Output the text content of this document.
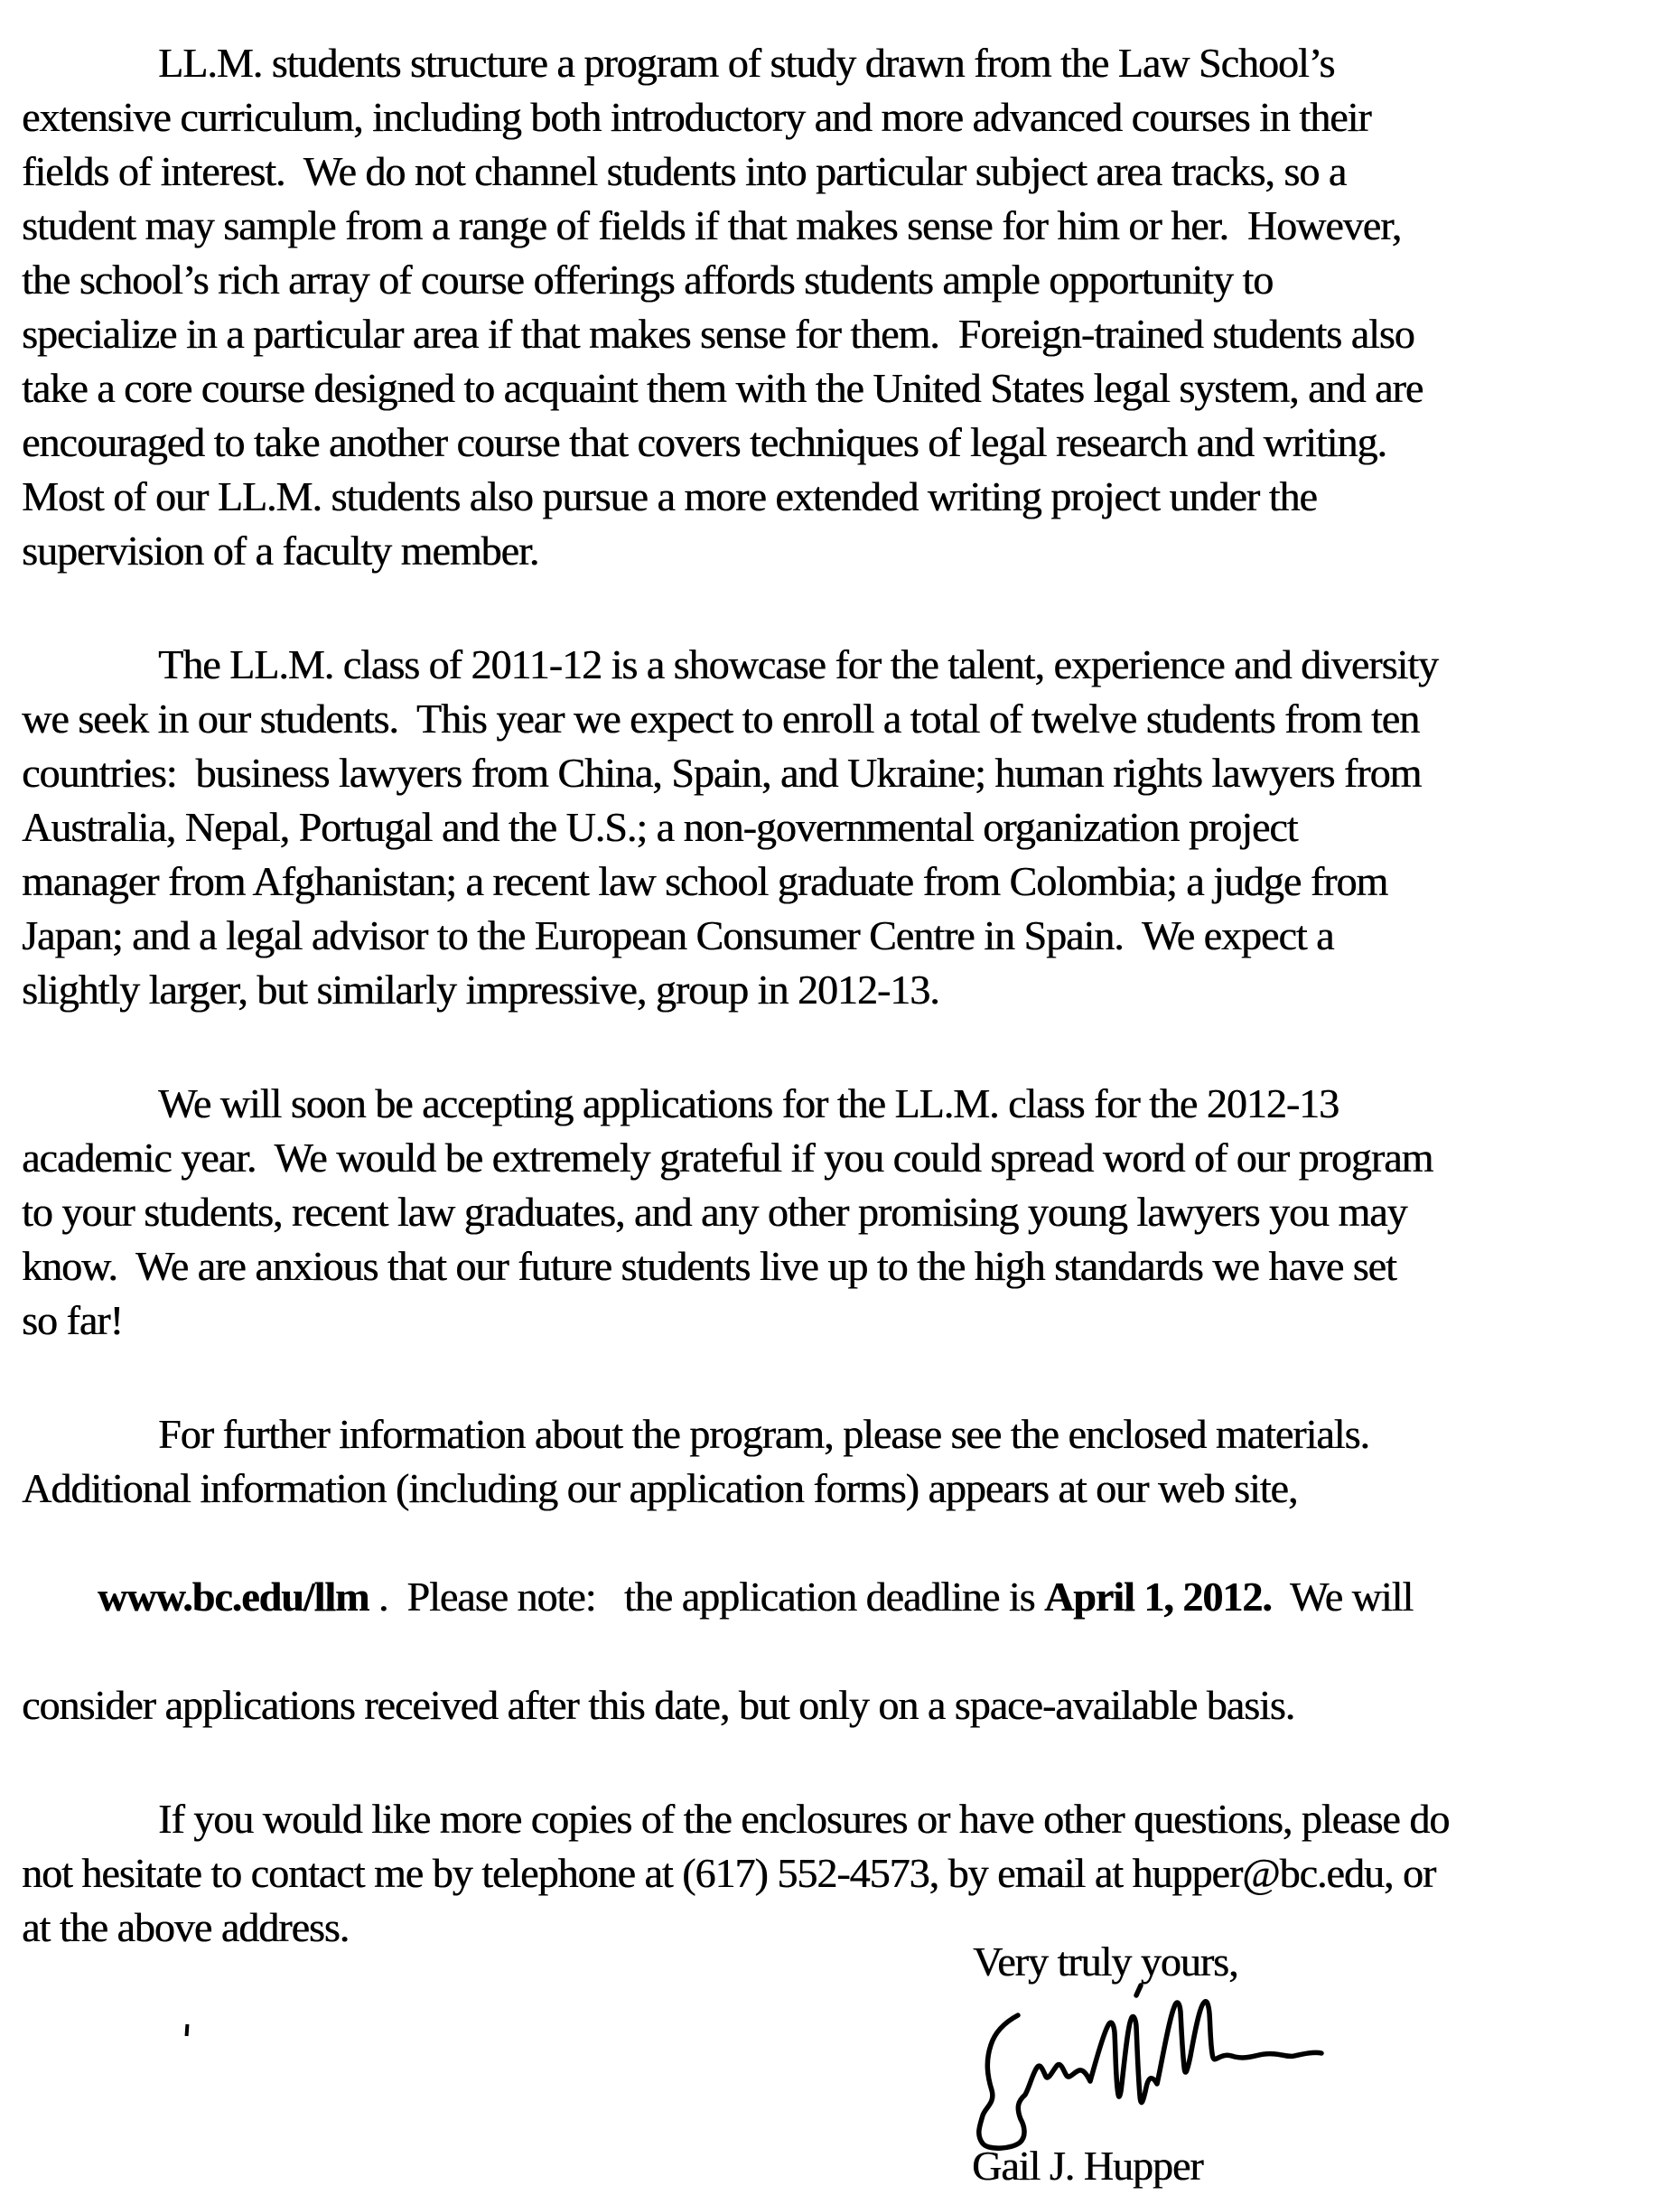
LL.M. students structure a program of study drawn from the Law School’s
extensive curriculum, including both introductory and more advanced courses in their
fields of interest.  We do not channel students into particular subject area tracks, so a
student may sample from a range of fields if that makes sense for him or her.  However,
the school’s rich array of course offerings affords students ample opportunity to
specialize in a particular area if that makes sense for them.  Foreign-trained students also
take a core course designed to acquaint them with the United States legal system, and are
encouraged to take another course that covers techniques of legal research and writing.
Most of our LL.M. students also pursue a more extended writing project under the
supervision of a faculty member.
The LL.M. class of 2011-12 is a showcase for the talent, experience and diversity
we seek in our students.  This year we expect to enroll a total of twelve students from ten
countries:  business lawyers from China, Spain, and Ukraine; human rights lawyers from
Australia, Nepal, Portugal and the U.S.; a non-governmental organization project
manager from Afghanistan; a recent law school graduate from Colombia; a judge from
Japan; and a legal advisor to the European Consumer Centre in Spain.  We expect a
slightly larger, but similarly impressive, group in 2012-13.
We will soon be accepting applications for the LL.M. class for the 2012-13
academic year.  We would be extremely grateful if you could spread word of our program
to your students, recent law graduates, and any other promising young lawyers you may
know.  We are anxious that our future students live up to the high standards we have set
so far!
For further information about the program, please see the enclosed materials.
Additional information (including our application forms) appears at our web site,

www.bc.edu/llm .  Please note:   the application deadline is April 1, 2012.  We will

consider applications received after this date, but only on a space-available basis.
If you would like more copies of the enclosures or have other questions, please do
not hesitate to contact me by telephone at (617) 552-4573, by email at hupper@bc.edu, or
at the above address.
Very truly yours,
Gail J. Hupper
